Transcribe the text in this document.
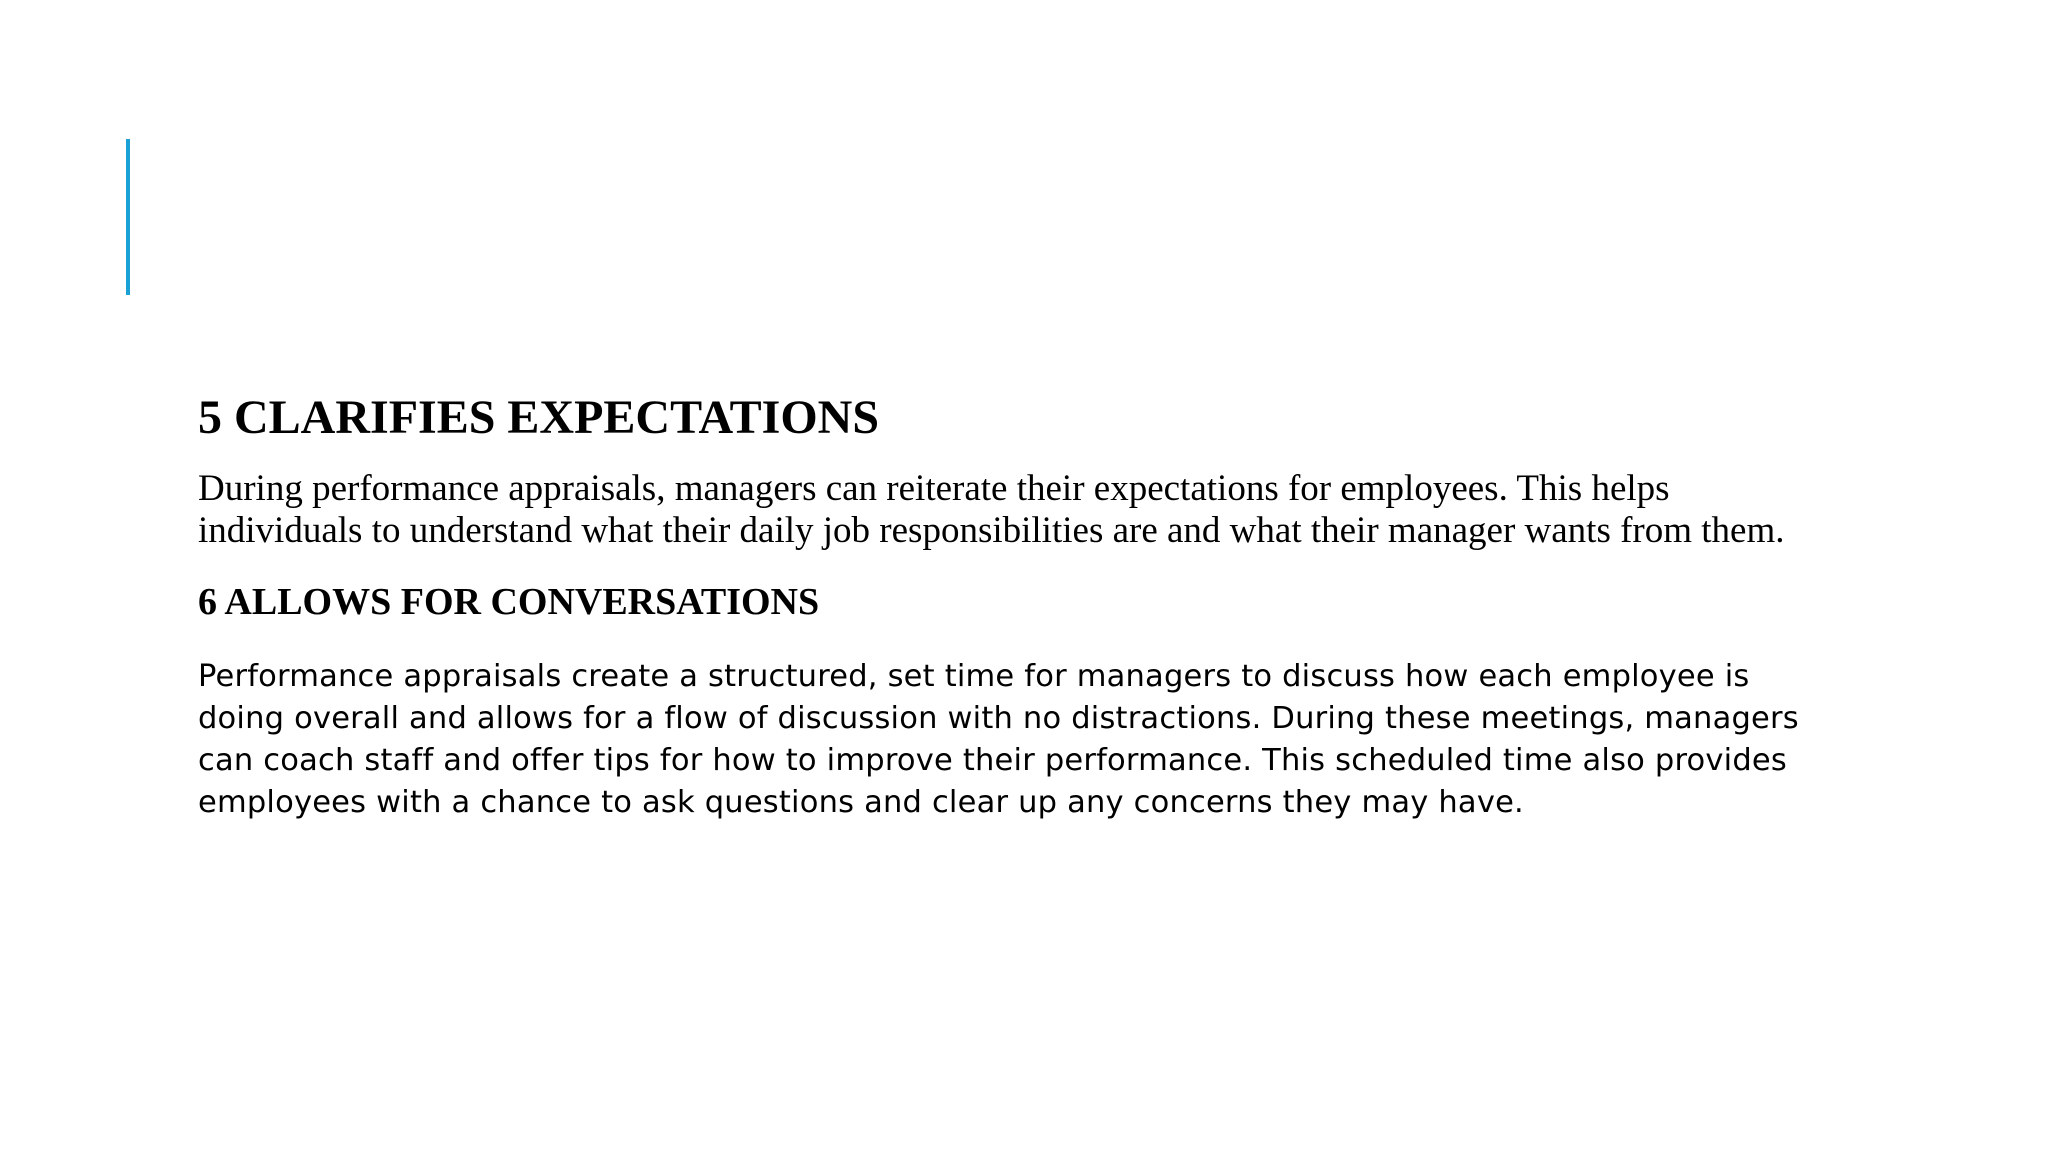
5 CLARIFIES EXPECTATIONS

During performance appraisals, managers can reiterate their expectations for employees. This helps individuals to understand what their daily job responsibilities are and what their manager wants from them.

6 ALLOWS FOR CONVERSATIONS

Performance appraisals create a structured, set time for managers to discuss how each employee is doing overall and allows for a flow of discussion with no distractions. During these meetings, managers can coach staff and offer tips for how to improve their performance. This scheduled time also provides employees with a chance to ask questions and clear up any concerns they may have.
